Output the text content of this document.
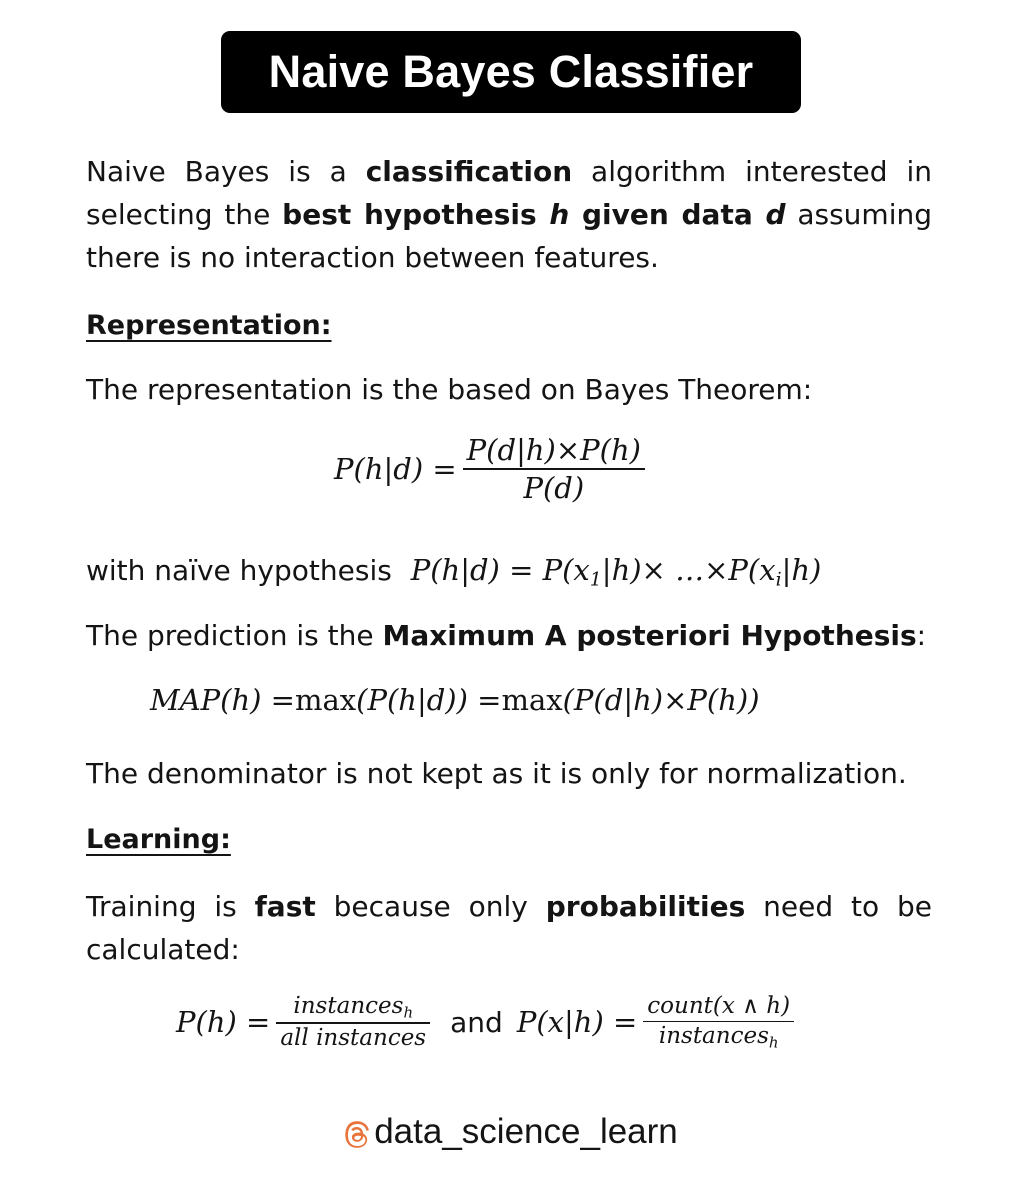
Naive Bayes Classifier

Naive Bayes is a classification algorithm interested in selecting the best hypothesis h given data d assuming there is no interaction between features.

Representation:
The representation is the based on Bayes Theorem:
$P(h|d) = \frac{P(d|h)\times P(h)}{P(d)}$
with naïve hypothesis $P(h|d) = P(x_1|h)\times$ $\dots\times P(x_i|h)$
The prediction is the Maximum A posteriori Hypothesis:
MAP(h) = max (P(h|d)) = max (P(d|h)×P(h))
The denominator is not kept as it is only for normalization.
Learning:

Training is fast because only probabilities need to be calculated:

$P(h) = \frac{instances_h}{\text{all instances}}$ and $P(x|h) = \frac{\text{count(x ∧ h)}}{instances_h}$
data_science_learn
